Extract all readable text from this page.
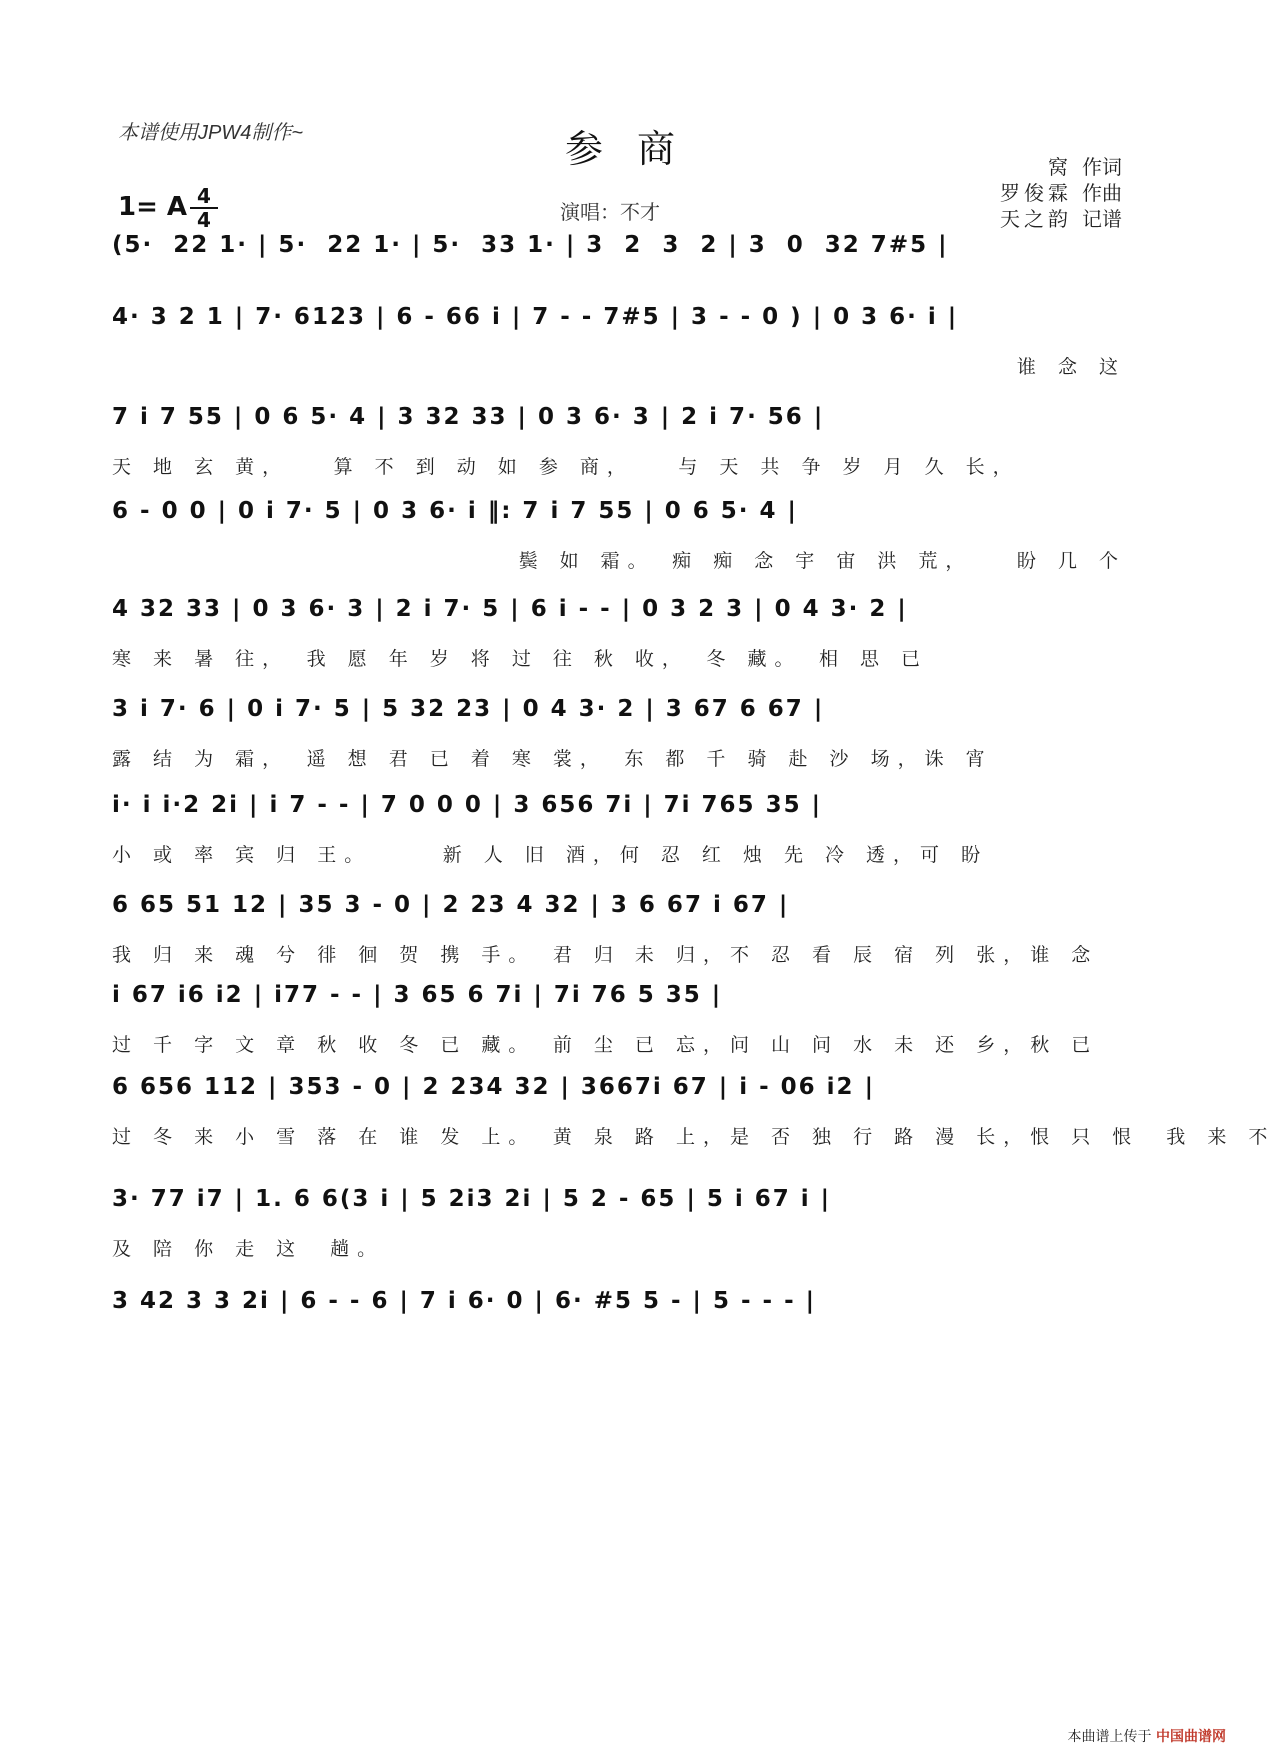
本谱使用JPW4制作~	参商
1= A 4
4	演唱：不才
窝 作词
罗俊霖 作曲
天之韵 记谱
(5·  22 1· | 5·  22 1· | 5·  33 1· | 3  2  3  2 | 3  0  32 7#5 |
4· 3 2 1 | 7· 6123 | 6 - 66 i | 7 - - 7#5 | 3 - - 0 ) | 0 3 6· i |
谁 念 这
7 i 7 55 | 0 6 5· 4 | 3 32 33 | 0 3 6· 3 | 2 i 7· 56 |
天 地 玄 黄，　　算 不 到 动 如 参 商，　　与 天 共 争 岁 月 久 长，
6 - 0 0 | 0 i 7· 5 | 0 3 6· i ‖: 7 i 7 55 | 0 6 5· 4 |
鬓 如 霜。　痴 痴 念 宇 宙 洪 荒，　　盼 几 个
4 32 33 | 0 3 6· 3 | 2 i 7· 5 | 6 i - - | 0 3 2 3 | 0 4 3· 2 |
寒 来 暑 往，　我 愿 年 岁 将 过 往 秋 收，　冬 藏。　相 思 已
3 i 7· 6 | 0 i 7· 5 | 5 32 23 | 0 4 3· 2 | 3 67 6 67 |
露 结 为 霜，　遥 想 君 已 着 寒 裳，　东 都 千 骑 赴 沙 场，诛 宵
i· i i·2 2i | i 7 - - | 7 0 0 0 | 3 656 7i | 7i 765 35 |
小 或 率 宾 归 王。　　　新 人 旧 酒，何 忍 红 烛 先 冷 透，可 盼
6 65 51 12 | 35 3 - 0 | 2 23 4 32 | 3 6 67 i 67 |
我 归 来 魂 兮 徘 徊 贺 携 手。　君 归 未 归，不 忍 看 辰 宿 列 张，谁 念
i 67 i6 i2 | i77 - - | 3 65 6 7i | 7i 76 5 35 |
过 千 字 文 章 秋 收 冬 已 藏。　前 尘 已 忘，问 山 问 水 未 还 乡，秋 已
6 656 112 | 353 - 0 | 2 234 32 | 3667i 67 | i - 06 i2 |
过 冬 来 小 雪 落 在 谁 发 上。　黄 泉 路 上，是 否 独 行 路 漫 长，恨 只 恨　我 来 不
3· 77 i7 | 1. 6 6(3 i | 5 2i3 2i | 5 2 - 65 | 5 i 67 i |
及 陪 你 走 这　趟。
3 42 3 3 2i | 6 - - 6 | 7 i 6· 0 | 6· #5 5 - | 5 - - - |
本曲谱上传于 中国曲谱网
